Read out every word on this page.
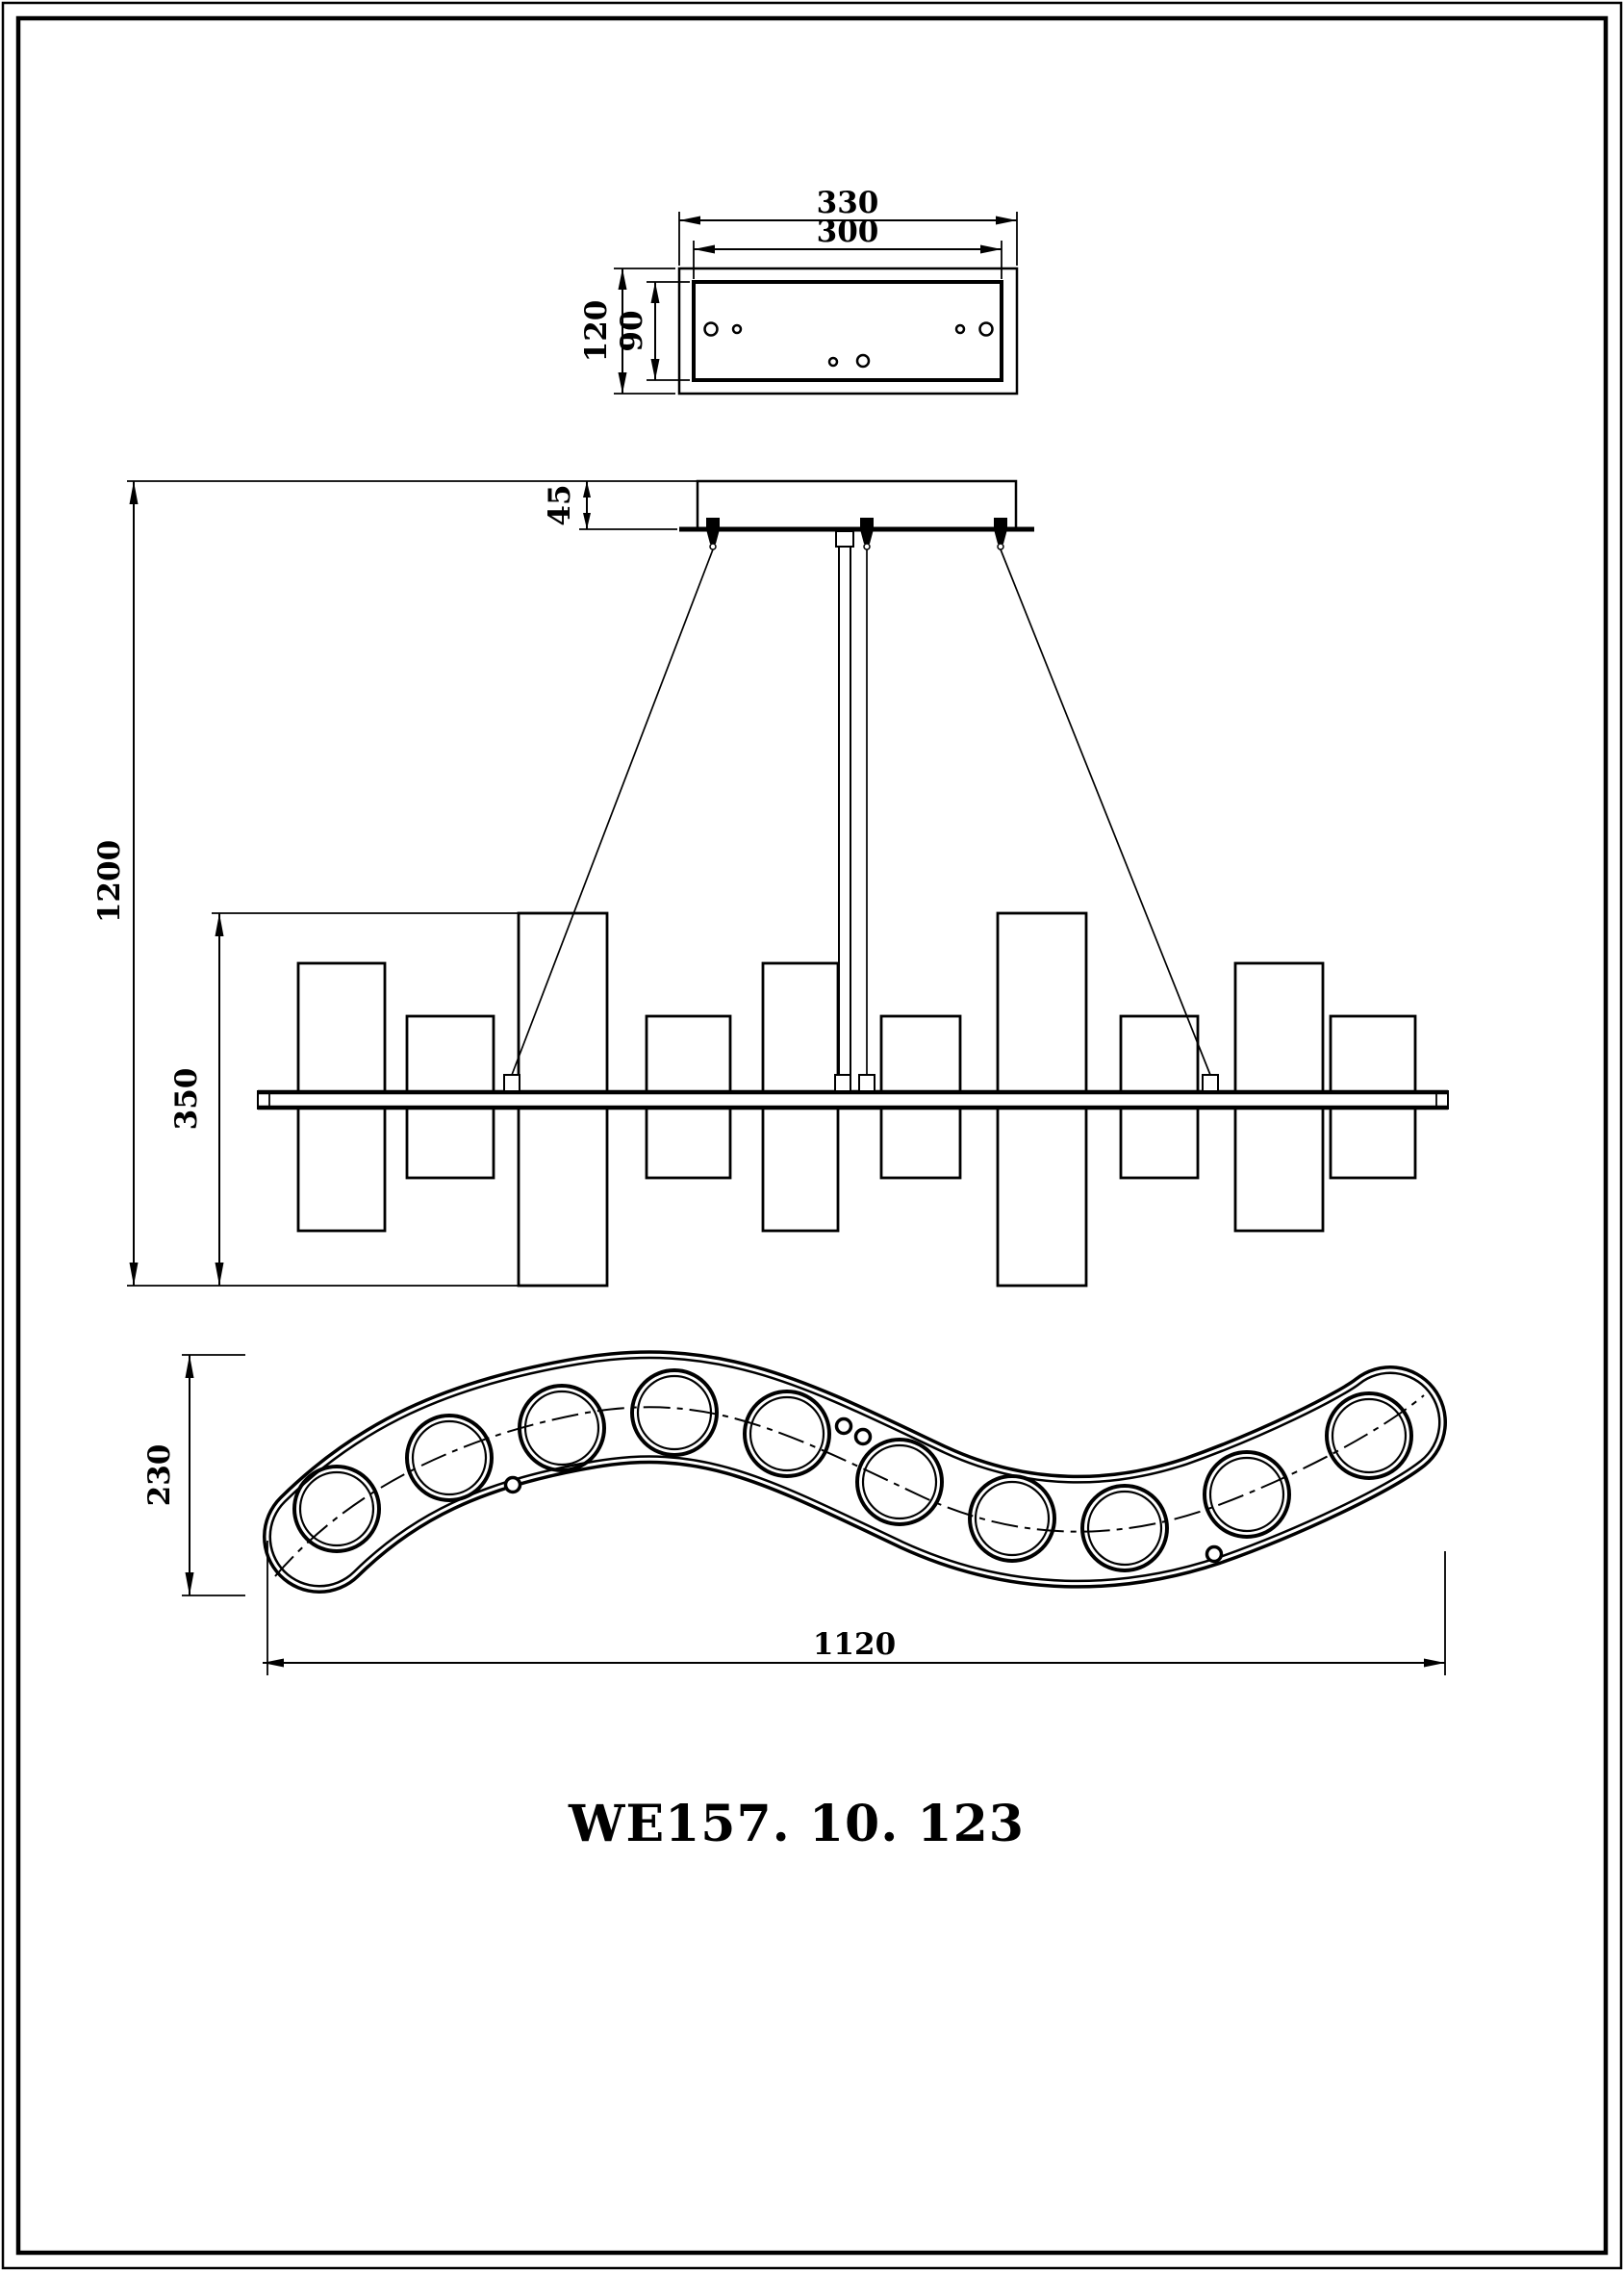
330
300
120 90
45
1200
350
230
1120
WE157. 10. 123
